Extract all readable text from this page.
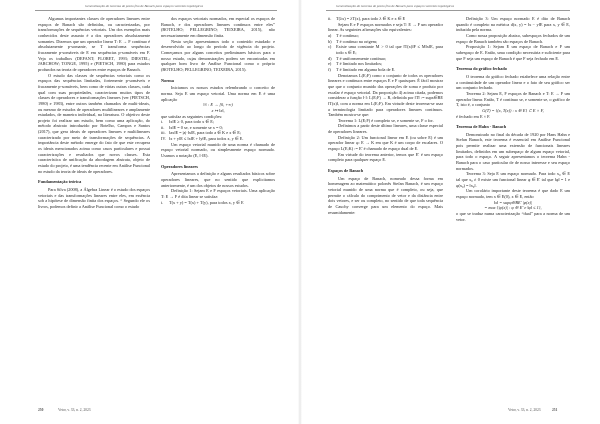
Generalização do teorema de ponto fixo de Banach para espaços vetoriais topológicos

Algumas importantes classes de operadores lineares entre espaços de Banach são definidas, ou caracterizadas, por transformações de sequências vetoriais. Um dos exemplos mais conhecidos deste assunto é a dos operadores absolutamente somantes. Dizemos que um operador linear T: E → F contínuo é absolutamente p-somante, se T transforma sequências fracamente p-somáveis de E em sequências p-somáveis em F. Veja os trabalhos (DEFANT; FLORET, 1993; DIESTEL; JARCHOW; TONGE, 1995) e (PIETSCH, 1980) para estudos profundos na teoria de operadores entre espaços de Banach.

O estudo das classes de sequências vetoriais como os espaços das sequências limitadas, fortemente p-somáveis e fracamente p-somáveis, bem como de várias outras classes, cada qual com suas propriedades, caracterizam muitos tipos de classes de operadores e transformações lineares (ver (PIETSCH, 1980) e 1983), entre outros também chamados de multi-ideais, ou mesmo de estudos de operadores multilineares e amplamente estudados, de maneira individual, na literatura. O objetivo deste projeto foi realizar um estudo, bem como uma aplicação, do método abstrato introduzido por Botelho, Campos e Santos (2017), que gera ideais de operadores lineares e multilineares caracterizado por meio de transformações de sequências. A importância deste método emerge do fato de que este recupera os ideais mencionados acima como casos particulares e possui caracterizações e resultados que novos classes. Esta característica de unificação da abordagem abstrata, objeto de estudo do projeto, é uma tendência recente em Análise Funcional no estudo da teoria de ideais de operadores.

Fundamentação teórica

Para Silva (2008), a Álgebra Linear é o estudo dos espaços vetoriais e das transformações lineares entre eles, em essência sob a hipótese de dimensão finita dos espaços. “ Segundo ele os livros, podemos definir a Análise Funcional como o estudo

dos espaços vetoriais normados, em especial os espaços de Banach, e dos operadores lineares contínuos entre eles” (BOTELHO; PELLEGRINO; TEIXEIRA, 2015), não necessariamente em dimensão finita.

Nesta seção apresentamos todo o conteúdo estudado e desenvolvido ao longo do período de vigência do projeto. Começamos por alguns conceitos preliminares básicos para o nosso estudo, cujas demonstrações podem ser encontradas em qualquer bom livro de Análise Funcional como o próprio (BOTELHO; PELLEGRINO; TEIXEIRA, 2015).

Norma

Iniciamos os nossos estudos relembrando o conceito de norma. Seja E um espaço vetorial. Uma norma em E é uma aplicação

‖·‖ : E → [0, +∞)

x ↦ ‖x‖,

que satisfaz as seguintes condições:

i. ‖x‖E ≥ 0, para todo x ∈ E;

ii. ‖x‖E = 0 se, e somente se x = 0;

iii. ‖ax‖E = |a|·‖x‖E, para todo a ∈ K e x ∈ E;

IV. ‖x + y‖E ≤ ‖x‖E + ‖y‖E, para todos x, y ∈ E.

Um espaço vetorial munido de uma norma é chamado de espaço vetorial normado, ou simplesmente espaço normado. Usamos a notação (E, ‖·‖E).

Operadores lineares

Apresentamos a definição e alguns resultados básicos sobre operadores lineares, que no sentido que explicitamos anteriormente, é um dos objetos de nossos estudos.

Definição 1: Sejam E e F espaços vetoriais. Uma aplicação T: E → F é dita linear se satisfaz:

i. T(x + y) = T(x) + T(y), para todos x, y ∈ E

250	Vetor, v. 33, n. 2, 2023
Generalização do teorema de ponto fixo de Banach para espaços vetoriais topológicos

ii. T(λx) = λT(x), para todo λ ∈ K e x ∈ E

Sejam E e F espaços normados e seja T: E → F um operador linear. As seguintes afirmações são equivalentes:

a) T é contínuo;

b) T é contínuo na origem;

c) Existe uma constante M > 0 tal que ‖T(x)‖F ≤ M‖x‖E, para todo x ∈ E;

d) T é uniformemente contínuo;

e) T é limitado nos limitados;

f) T é limitado em alguma bola de E.

Denotamos L(E;F) como o conjunto de todos os operadores lineares e contínuos entre espaços E e F quaisquer. É fácil mostrar que que o conjunto munido das operações de soma e produto por escalar é espaço vetorial. Da proposição 4) acima citada, podemos considerar a função ‖·‖: L(E;F) → R, definida por ‖T‖ := supx∈BE ‖T(x)‖, com a norma em L(E;F). Em virtude deste teorema-se usar a terminologia limitado para operadores lineares contínuos. Também mostra-se que:

Teorema 1: L(E;F) é completo se, e somente se, F o for.

Definimos a partir deste último lineares, uma classe especial de operadores lineares.

Definição 2: Um funcional linear em E (ou sobre E) é um operador linear φ: E → K em que K é um corpo de escalares. O espaço L(E;K) := E′ é chamado de espaço dual de E.

Em virtude do teorema anterior, temos que E′ é um espaço completo para qualquer espaço E.

Espaços de Banach

Um espaço de Banach, nomeado dessa forma em homenagem ao matemático polonês Stefan Banach, é um espaço vetorial munido de uma norma que é completo, ou seja, que permite o cálculo do comprimento de vetor e da distância entre dois vetores, e ser ou completo, no sentido de que toda sequência de Cauchy converge para um elemento do espaço. Mais resumidamente:

Definição 3: Um espaço normado E é dito de Banach quando é completo na métrica d(x, y) = ‖x − y‖E para x, y ∈ E, induzida pela norma.

Como nossa proposição abaixo, subespaços fechados de um espaço de Banach também são espaços de Banach.

Proposição 1: Sejam E um espaço de Banach e F um subespaço de E. Então, uma condição necessária e suficiente para que F seja um espaço de Banach é que F seja fechado em E.

Teorema do gráfico fechado

O teorema do gráfico fechado estabelece uma relação entre a continuidade de um operador linear e o fato de seu gráfico ser um conjunto fechado.

Teorema 2: Sejam E, F espaços de Banach e T: E → F um operador linear. Então, T é contínuo se, e somente se, o gráfico de T, isto é, o conjunto

G(T) = {(x, T(x)) : x ∈ E} ⊂ E × F,

é fechado em E × F.

Teorema de Hahn - Banach

Demonstrado no final da década de 1920 por Hans Hahn e Stefan Banach, este teorema é essencial em Análise Funcional pois permite realizar uma extensão de funcionais lineares limitados, definidos em um subespaço de algum espaço vetorial, para todo o espaço. A seguir apresentamos o teorema Hahn - Banach para o caso particular de de nosso interesse e seu espaço normados.

Teorema 3: Seja E um espaço normado. Para todo x₀ ∈ E tal que x₀ ≠ 0 existe um funcional linear φ ∈ E′ tal que ‖φ‖ = 1 e φ(x₀) = ‖x₀‖.

Um corolário importante deste teorema é que dado E um espaço normado, tem x ∈ E(0), x ∈ E, então

‖x‖ = supφ∈BE′ |φ(x)|

= max {|φ(x)| : φ ∈ E′ e ‖φ‖ ≤ 1},

o que se traduz numa caracterização “dual” para a norma de um vetor.

Vetor, v. 33, n. 2, 2023	251
